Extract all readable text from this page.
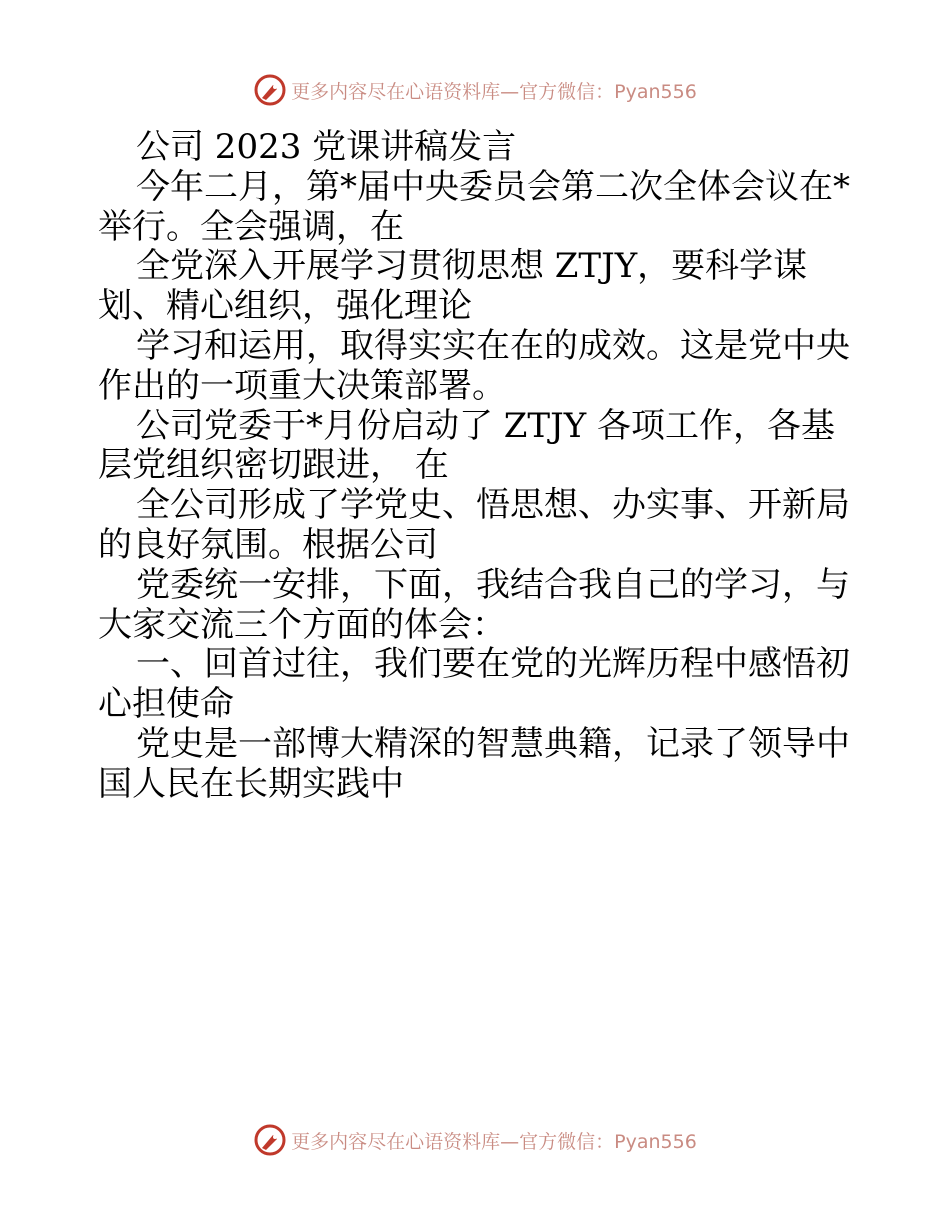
更多内容尽在心语资料库—官方微信：Pyan556
公司 2023 党课讲稿发言
今年二月，第*届中央委员会第二次全体会议在*
举行。全会强调，在
全党深入开展学习贯彻思想 ZTJY，要科学谋
划、精心组织，强化理论
学习和运用，取得实实在在的成效。这是党中央
作出的一项重大决策部署。
公司党委于*月份启动了 ZTJY 各项工作，各基
层党组织密切跟进， 在
全公司形成了学党史、悟思想、办实事、开新局
的良好氛围。根据公司
党委统一安排，下面，我结合我自己的学习，与
大家交流三个方面的体会：
一、回首过往，我们要在党的光辉历程中感悟初
心担使命
党史是一部博大精深的智慧典籍，记录了领导中
国人民在长期实践中
更多内容尽在心语资料库—官方微信：Pyan556
